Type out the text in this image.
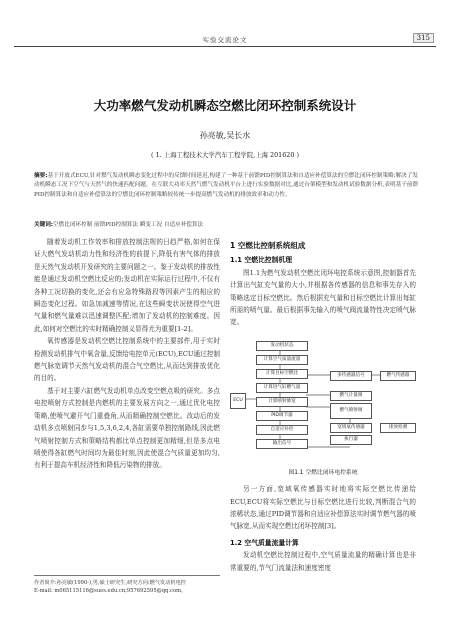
实验交流论文	315
大功率燃气发动机瞬态空燃比闭环控制系统设计
孙亮敏,吴长水
( 1. 上海工程技术大学汽车工程学院,上海 201620 )
摘要:基于开放式ECU,针对燃气发动机瞬态变化过程中的反馈时间延迟,构建了一种基于前馈PID控制算法和自适应补偿算法的空燃比闭环控制策略;解决了发动机瞬态工况下空气与天然气的快速匹配问题。在互联大功率天然气燃气发动机平台上进行实验数据对比,通过台架模型和发动机试验数据分析,表明基于前馈PID控制算法和自适应补偿算法的空燃比闭环控制策略较传统一步提高燃气发动机的排放效率和动力性。
关键词:空燃比闭环控制 前馈PID控制算法 瞬变工况 自适应补偿算法

随着发动机工作效率和排放控制法规的日趋严格,如何在保证大燃气发动机动力性和经济性的前提下,降低有害气体的排放是天然气发动机开发研究的主要问题之一。鉴于发动机的排放性能是通过发动机空燃比反应的;发动机在实际运行过程中,不仅有各种工况切换的变化,还会有应急特殊路段等因素产生的相应的瞬态变化过程。如急加减速等情况,在这些瞬变状况使得空气进气量和燃气量难以迅速调整匹配;增加了发动机的控制难度。因此,如何对空燃比的实时精确控制义显得尤为重要[1-2]。

氧传感器是发动机空燃比控制系统中的主要部件,用于实时检测发动机排气中氧含量,反馈给电控单元(ECU),ECU通过控制燃气脉宽调节天然气发动机的混合气空燃比,从而达到排放优化的目的。

基于对主要六缸燃气发动机单点改变空燃点吸的研究。多点电控喷射方式控制是内燃机的主要发展方向之一,通过优化电控策略,使喷气避开气门重叠角,从而精确控制空燃比。改动后的发动机多点喷射同步与1,5,3,6,2,4,各缸需要单独控制路线,因此燃气喷射控制方式和策略结构都比单点控制更加精细,但是多点电喷使得各缸燃气时间均为最佳时刻,因此使混合气质量更加均匀,有利于提高车机经济性和降低污染物的排放。

1 空燃比控制系统组成
1.1 空燃比控制机理

图1.1为燃气发动机空燃比闭环电控系统示意图,控制器首先计算出气缸充气量的大小,并根据各传感器的信息和事先存入的策略选定目标空燃比。然后根据充气量和目标空燃比计算出每缸所需的喷气量。最后根据事先输入的喷气阀流量特性决定喷气脉宽。

发动机状态
计算空气质量流量
计算目标空燃比
计算进气缸燃气量
计算喷射脉宽
PID调节器
自适应补偿
输出信号
ECU
多传感器信号	燃气传感器
燃气计量阀
燃气喷射阀
宽域氧传感器
执行器
排放检测
图1.1 空燃比闭环电控系统

另一方面,宽域氧传感器实时地将实际空燃比传递给ECU,ECU将实际空燃比与目标空燃比进行比较,判断混合气的浓稀状态,通过PID调节器和自适应补偿算法实时调节燃气器的喷气脉宽,从而实现空燃比闭环控制[3]。

1.2 空气质量流量计算

发动机空燃比控制过程中,空气质量流量的精确计算也是非常重要的,节气门流量法和速度密度

作者简介:孙亮敏(1990-),男,硕士研究生,研究方向:燃气发动机电控
E-mail: m065115116@sues.edu.cn;957692595@qq.com。
